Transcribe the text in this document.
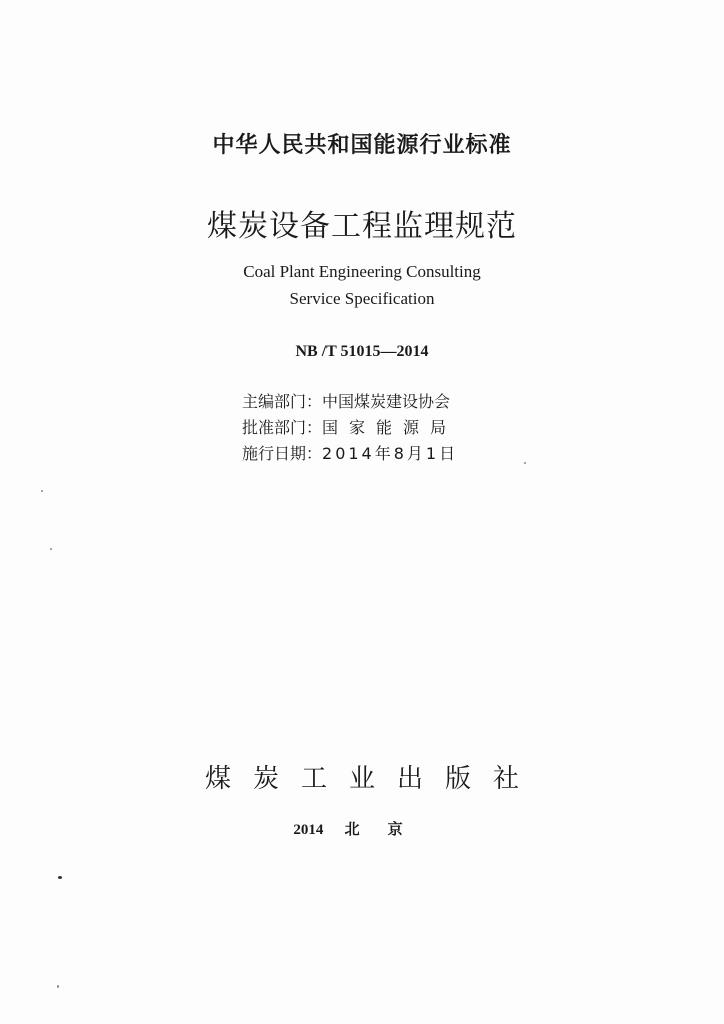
中华人民共和国能源行业标准
煤炭设备工程监理规范
Coal Plant Engineering Consulting
Service Specification
NB /T 51015—2014
主编部门： 中国煤炭建设协会
批准部门： 国家能源局
施行日期： 2014年8月1日
煤炭工业出版社
2014 北京
